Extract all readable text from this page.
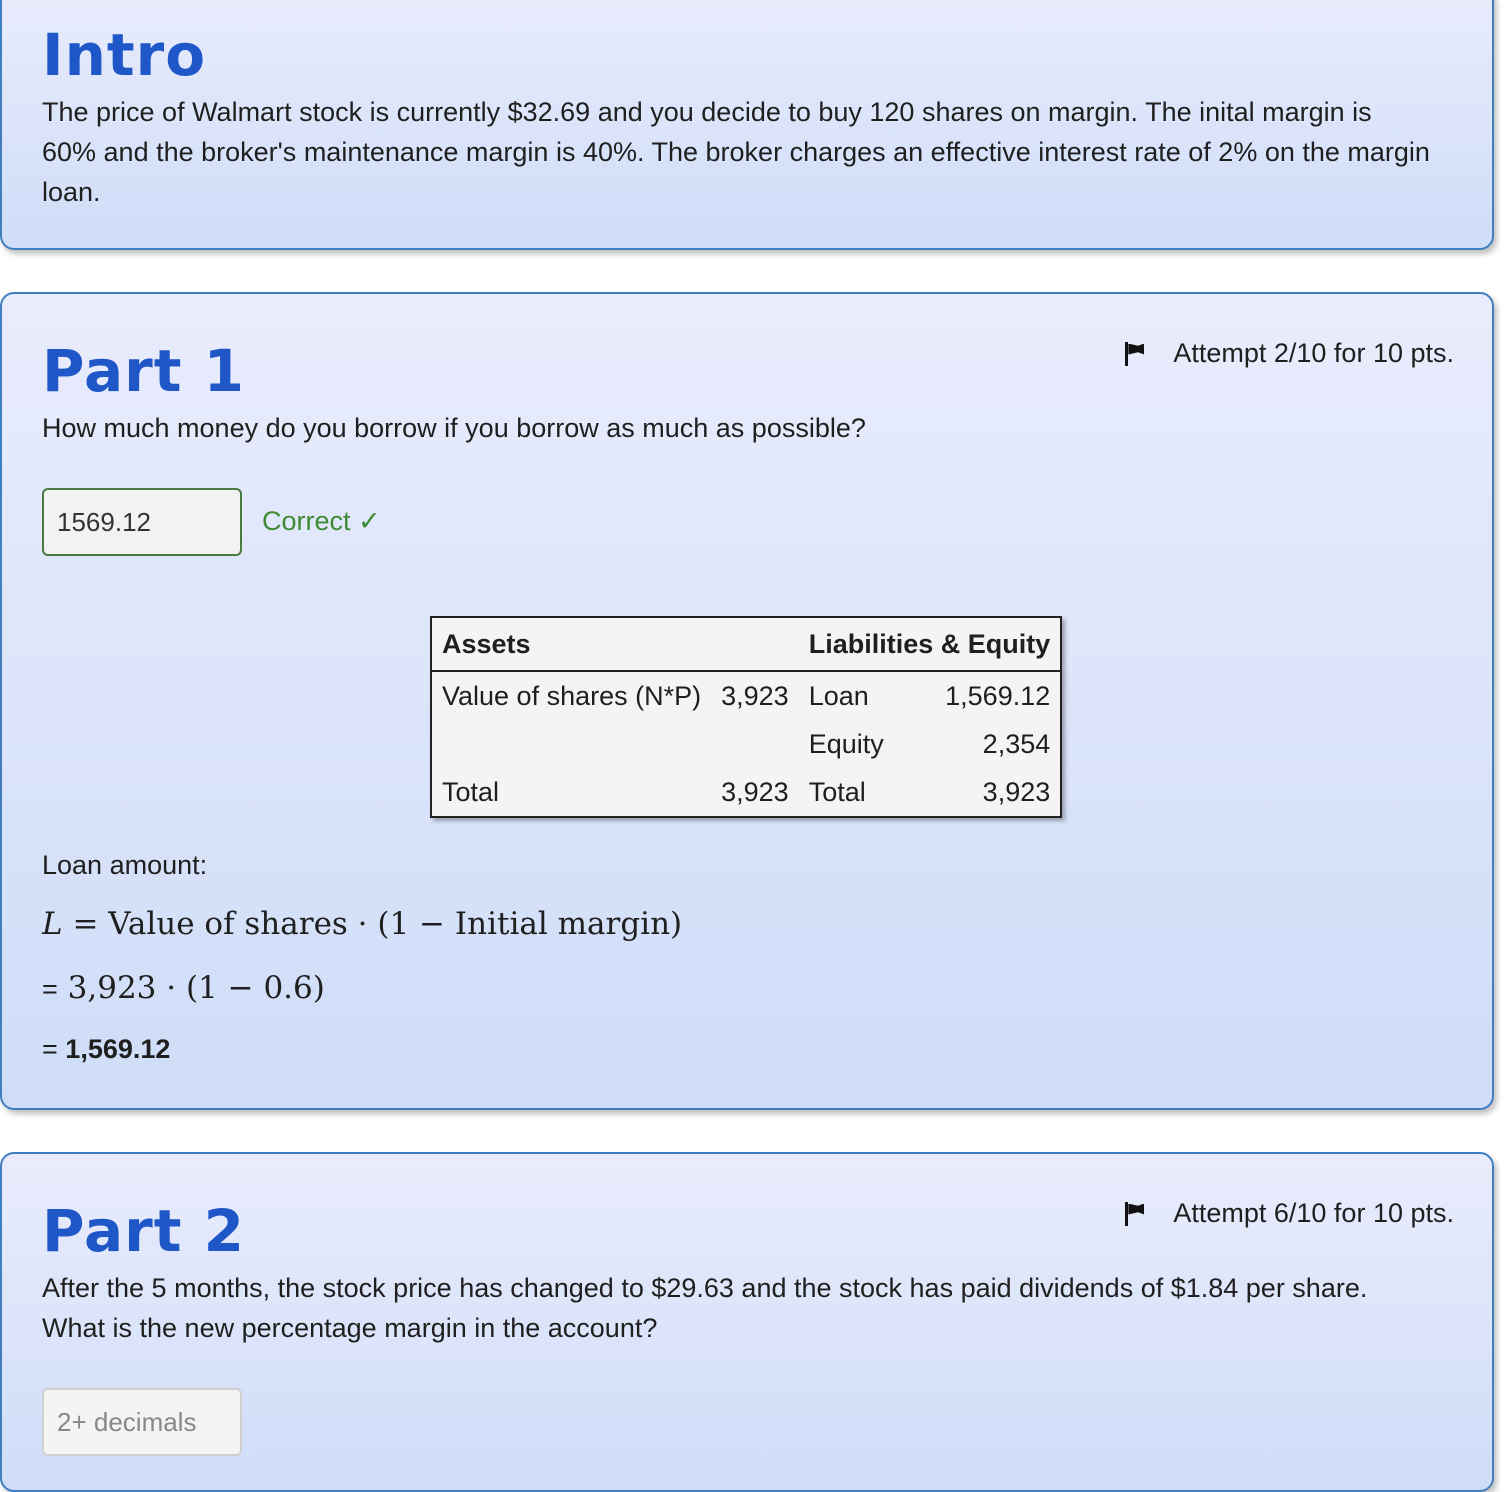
Intro

The price of Walmart stock is currently $32.69 and you decide to buy 120 shares on margin. The inital margin is 60% and the broker's maintenance margin is 40%. The broker charges an effective interest rate of 2% on the margin loan.

Part 1	Attempt 2/10 for 10 pts.

How much money do you borrow if you borrow as much as possible?

1569.12
Correct ✓
Assets		Liabilities & Equity	
Value of shares (N*P)	3,923	Loan	1,569.12
		Equity	2,354
Total	3,923	Total	3,923
Loan amount:
L = Value of shares · (1 − Initial margin)
= 3,923 · (1 − 0.6)
= 1,569.12
Part 2	Attempt 6/10 for 10 pts.

After the 5 months, the stock price has changed to $29.63 and the stock has paid dividends of $1.84 per share. What is the new percentage margin in the account?

2+ decimals
